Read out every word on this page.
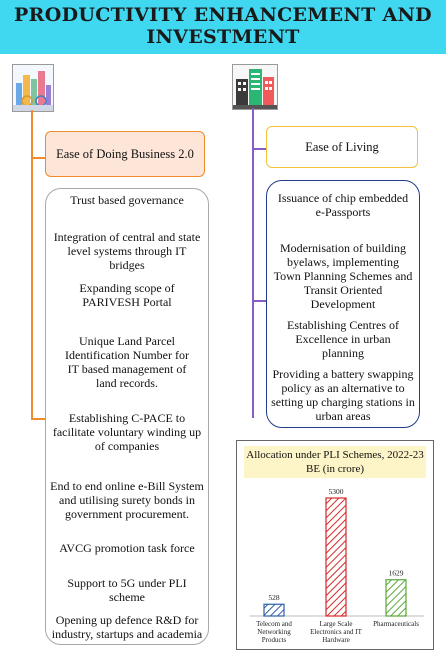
PRODUCTIVITY ENHANCEMENT AND
INVESTMENT
Ease of Doing Business 2.0
Trust based governance
Integration of central and state level systems through IT bridges
Expanding scope of PARIVESH Portal
Unique Land Parcel Identification Number for IT based management of land records.
Establishing C-PACE to facilitate voluntary winding up of companies
End to end online e-Bill System and utilising surety bonds in government procurement.
AVCG promotion task force
Support to 5G under PLI scheme
Opening up defence R&D for industry, startups and academia
Ease of Living
Issuance of chip embedded e-Passports
Modernisation of building byelaws, implementing Town Planning Schemes and Transit Oriented Development
Establishing Centres of Excellence in urban planning
Providing a battery swapping policy as an alternative to setting up charging stations in urban areas
Allocation under PLI Schemes, 2022-23 BE (in crore)
528
Telecom and Networking Products
5300
Large Scale Electronics and IT Hardware
1629
Pharmaceuticals
